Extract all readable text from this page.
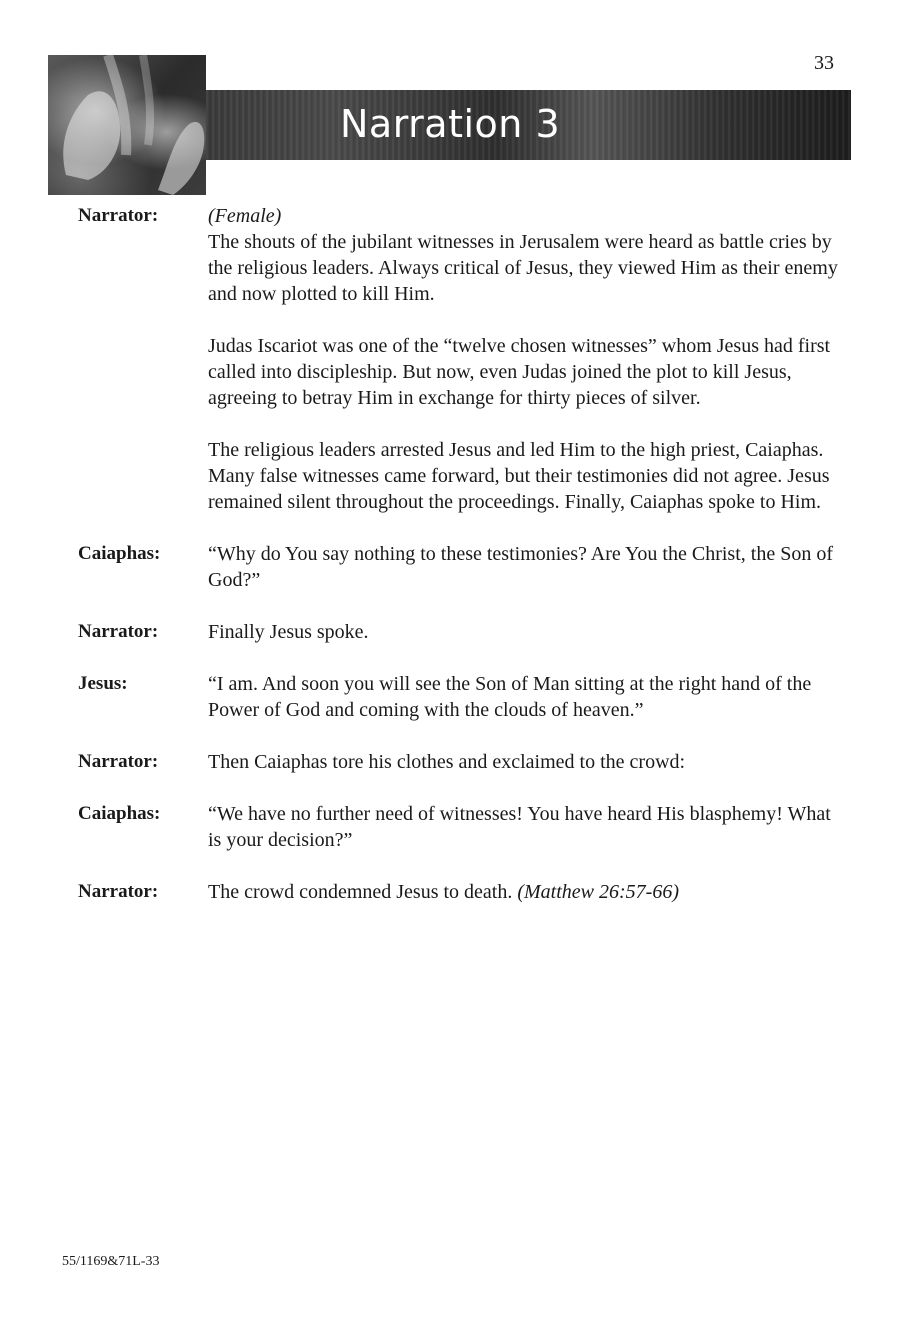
33
Narration 3
Narrator:	(Female)

The shouts of the jubilant witnesses in Jerusalem were heard as battle cries by the religious leaders. Always critical of Jesus, they viewed Him as their enemy and now plotted to kill Him.

Judas Iscariot was one of the “twelve chosen witnesses” whom Jesus had first called into discipleship. But now, even Judas joined the plot to kill Jesus, agreeing to betray Him in exchange for thirty pieces of silver.

The religious leaders arrested Jesus and led Him to the high priest, Caiaphas. Many false witnesses came forward, but their testimonies did not agree. Jesus remained silent throughout the proceedings. Finally, Caiaphas spoke to Him.

Caiaphas:	“Why do You say nothing to these testimonies? Are You the Christ, the Son of God?”
Narrator:	Finally Jesus spoke.
Jesus:	“I am. And soon you will see the Son of Man sitting at the right hand of the Power of God and coming with the clouds of heaven.”
Narrator:	Then Caiaphas tore his clothes and exclaimed to the crowd:
Caiaphas:	“We have no further need of witnesses! You have heard His blasphemy! What is your decision?”
Narrator:	The crowd condemned Jesus to death. (Matthew 26:57-66)
55/1169&71L-33
